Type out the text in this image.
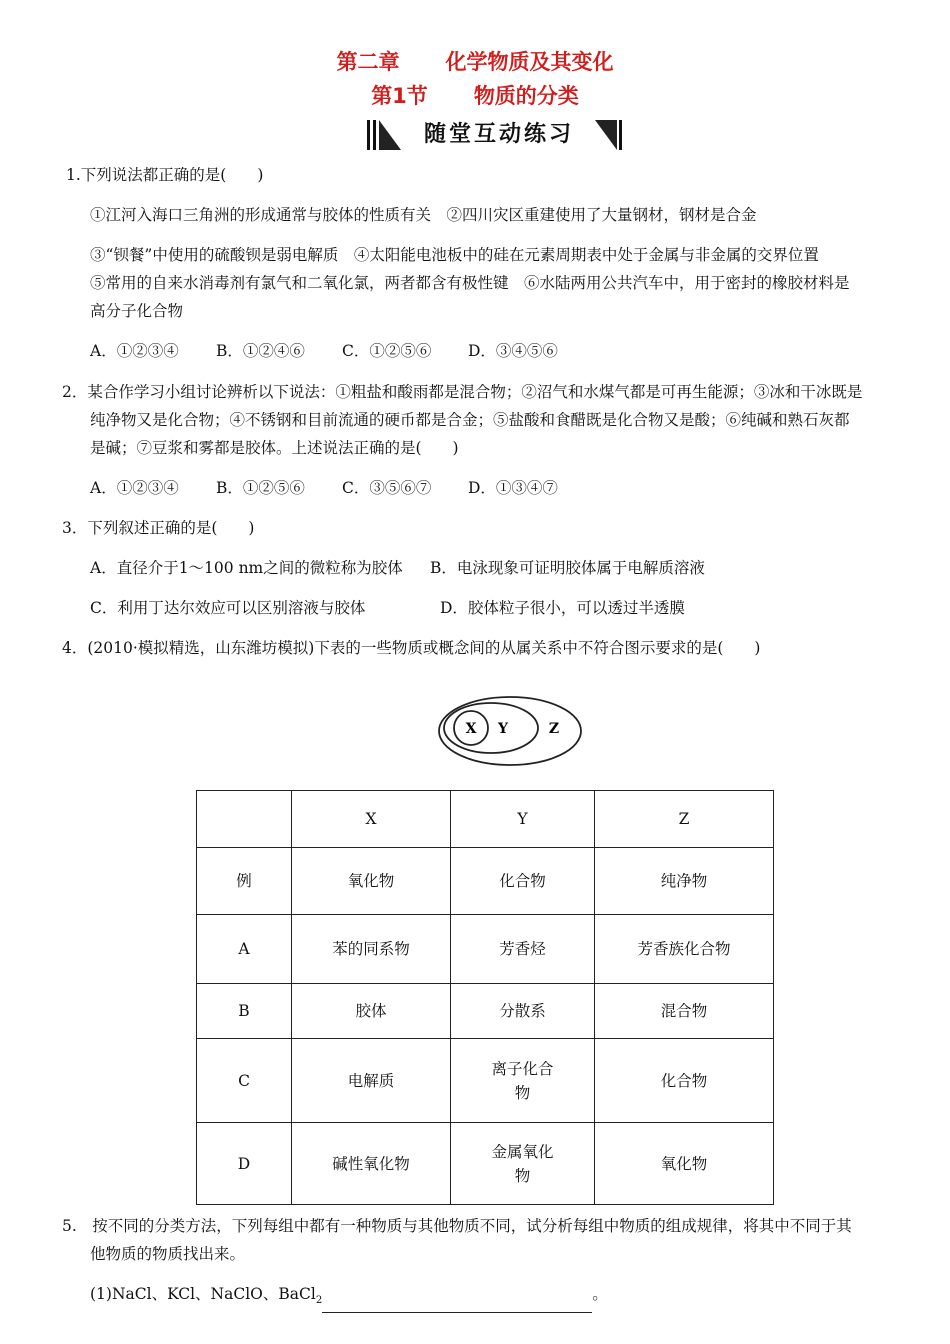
第二章 化学物质及其变化
第1节 物质的分类
随堂互动练习
1.下列说法都正确的是(　　)
①江河入海口三角洲的形成通常与胶体的性质有关　②四川灾区重建使用了大量钢材，钢材是合金
③“钡餐”中使用的硫酸钡是弱电解质　④太阳能电池板中的硅在元素周期表中处于金属与非金属的交界位置
⑤常用的自来水消毒剂有氯气和二氧化氯，两者都含有极性键　⑥水陆两用公共汽车中，用于密封的橡胶材料是
高分子化合物
A．①②③④ B．①②④⑥ C．①②⑤⑥ D．③④⑤⑥
2．某合作学习小组讨论辨析以下说法：①粗盐和酸雨都是混合物；②沼气和水煤气都是可再生能源；③冰和干冰既是
纯净物又是化合物；④不锈钢和目前流通的硬币都是合金；⑤盐酸和食醋既是化合物又是酸；⑥纯碱和熟石灰都
是碱；⑦豆浆和雾都是胶体。上述说法正确的是(　　)
A．①②③④ B．①②⑤⑥ C．③⑤⑥⑦ D．①③④⑦
3．下列叙述正确的是(　　)
A．直径介于1～100 nm之间的微粒称为胶体 B．电泳现象可证明胶体属于电解质溶液
C．利用丁达尔效应可以区别溶液与胶体	D．胶体粒子很小，可以透过半透膜
4．(2010·模拟精选，山东潍坊模拟)下表的一些物质或概念间的从属关系中不符合图示要求的是(　　)
X Y	Z
	X	Y	Z
例	氧化物	化合物	纯净物
A	苯的同系物	芳香烃	芳香族化合物
B	胶体	分散系	混合物
C	电解质	离子化合物	化合物
D	碱性氧化物	金属氧化物	氧化物
5.　按不同的分类方法，下列每组中都有一种物质与其他物质不同，试分析每组中物质的组成规律，将其中不同于其
他物质的物质找出来。
(1)NaCl、KCl、NaClO、BaCl$_2$	。
